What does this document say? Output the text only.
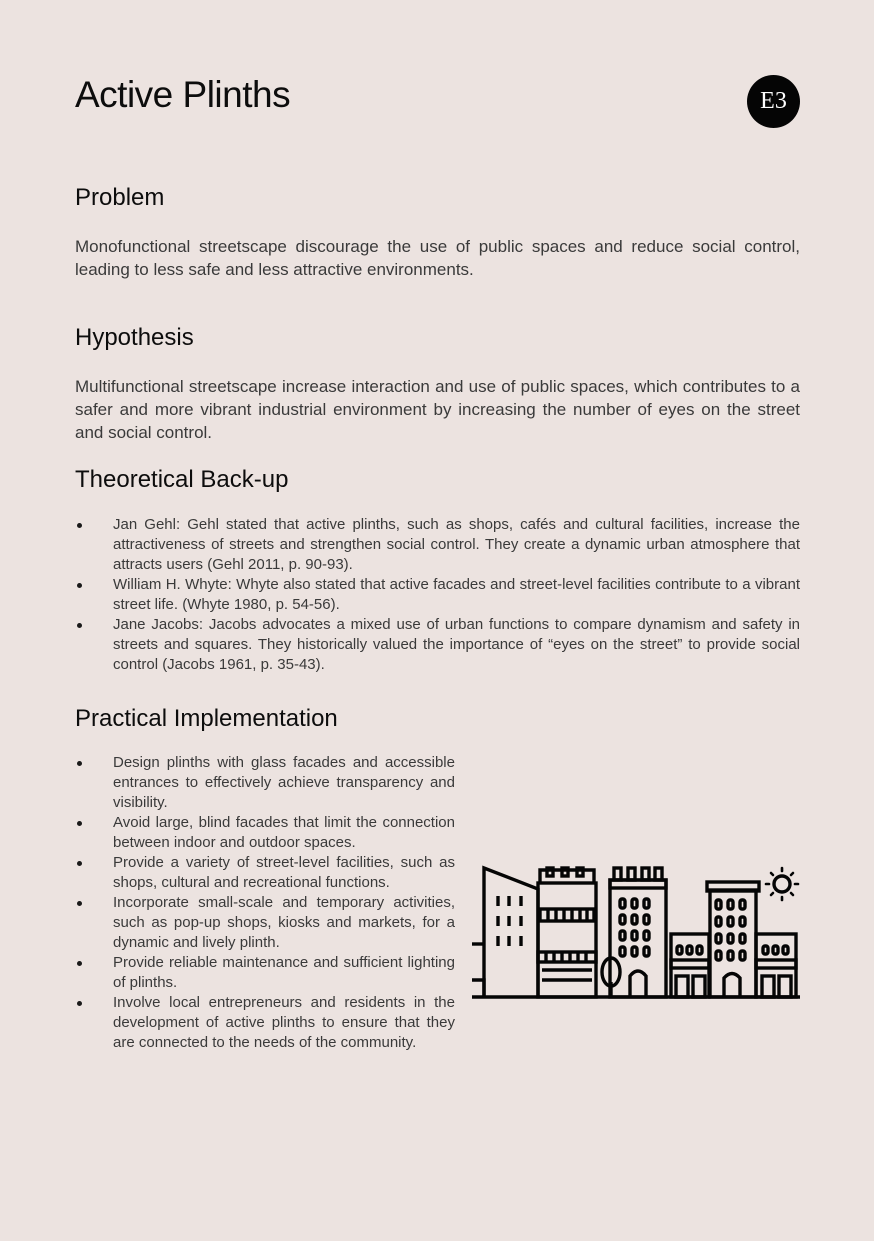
Active Plinths	E3
Problem

Monofunctional streetscape discourage the use of public spaces and reduce social control, leading to less safe and less attractive environments.

Hypothesis

Multifunctional streetscape increase interaction and use of public spaces, which contributes to a safer and more vibrant industrial environment by increasing the number of eyes on the street and social control.

Theoretical Back-up
Jan Gehl: Gehl stated that active plinths, such as shops, cafés and cultural facilities, increase the attractiveness of streets and strengthen social control. They create a dynamic urban atmosphere that attracts users (Gehl 2011, p. 90-93).
William H. Whyte: Whyte also stated that active facades and street-level facilities contribute to a vibrant street life. (Whyte 1980, p. 54-56).
Jane Jacobs: Jacobs advocates a mixed use of urban functions to compare dynamism and safety in streets and squares. They historically valued the importance of “eyes on the street” to provide social control (Jacobs 1961, p. 35-43).
Practical Implementation
Design plinths with glass facades and accessible entrances to effectively achieve transparency and visibility.
Avoid large, blind facades that limit the connection between indoor and outdoor spaces.
Provide a variety of street-level facilities, such as shops, cultural and recreational functions.
Incorporate small-scale and temporary activities, such as pop-up shops, kiosks and markets, for a dynamic and lively plinth.
Provide reliable maintenance and sufficient lighting of plinths.
Involve local entrepreneurs and residents in the development of active plinths to ensure that they are connected to the needs of the community.
